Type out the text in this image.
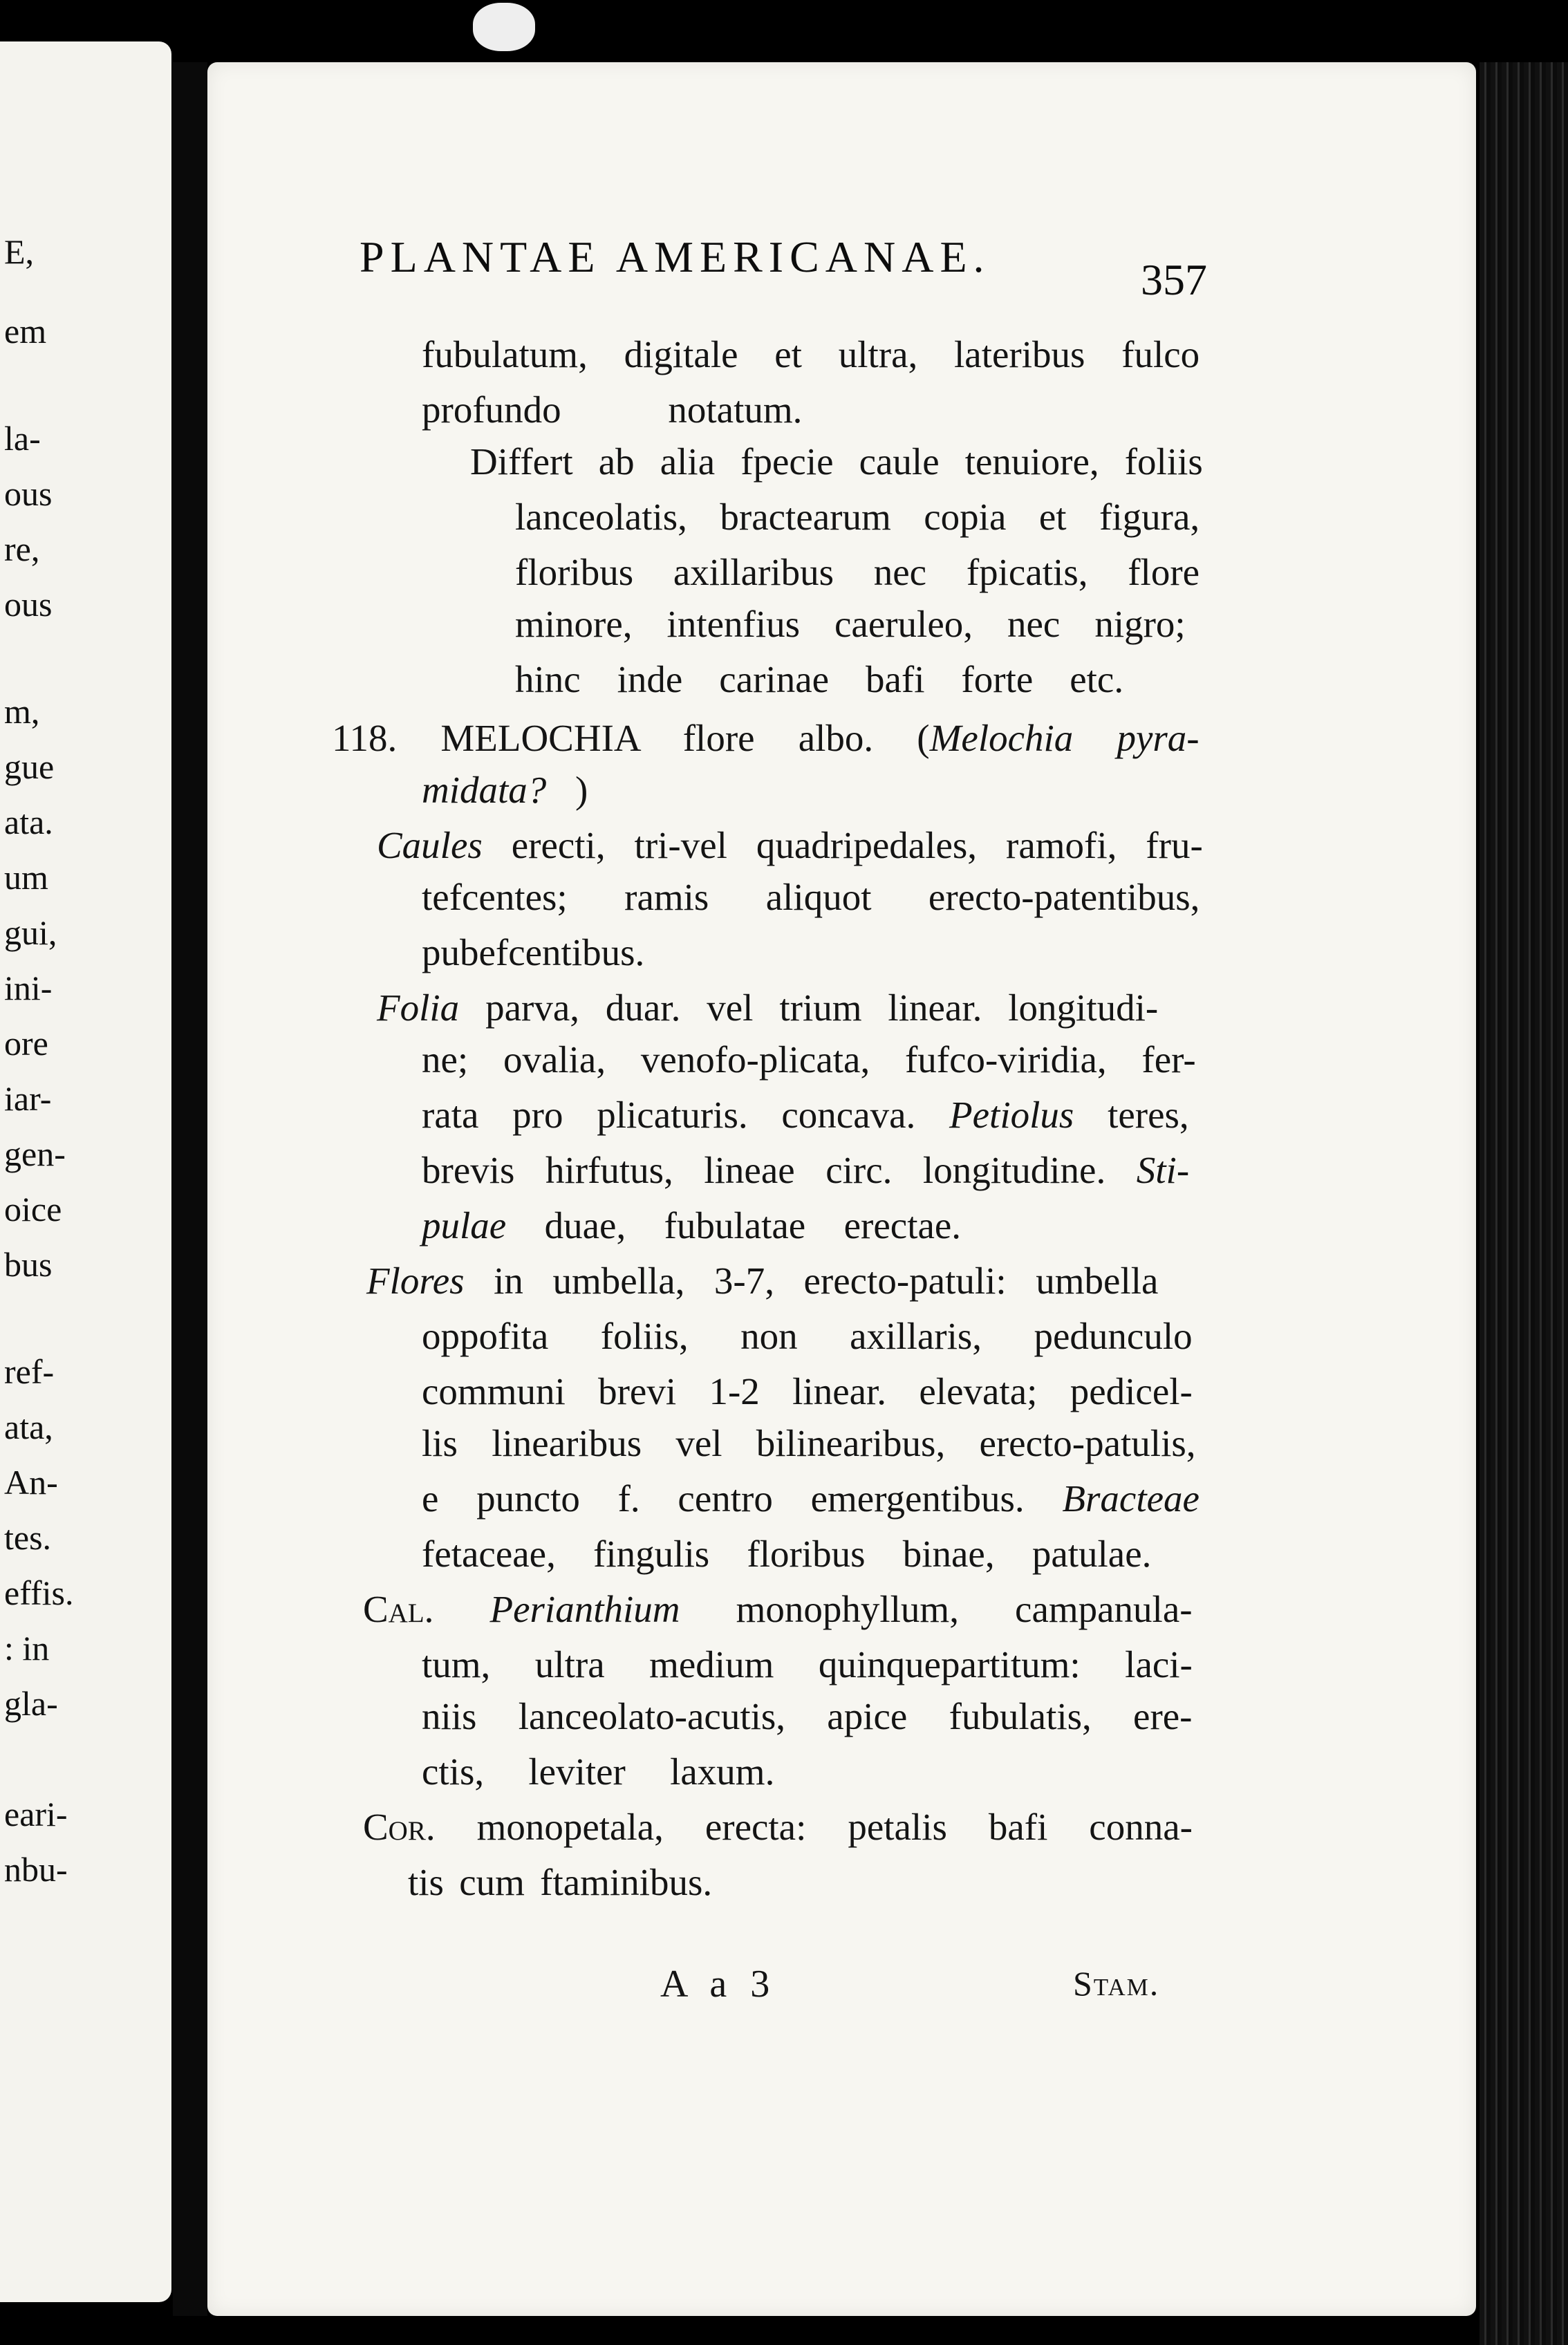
E,
em
la-
ous
re,
ous
m,
gue
ata.
um
gui,
ini-
ore
iar-
gen-
oice
bus
ref-
ata,
An-
tes.
effis.
: in
gla-
eari-
nbu-
PLANTAE AMERICANAE.	357
fubulatum, digitale et ultra, lateribus fulco
profundo notatum.
Differt ab alia fpecie caule tenuiore, foliis
lanceolatis, bractearum copia et figura,
floribus axillaribus nec fpicatis, flore
minore, intenfius caeruleo, nec nigro;
hinc inde carinae bafi forte etc.
118. MELOCHIA flore albo. (Melochia pyra-
midata? )
Caules erecti, tri-vel quadripedales, ramofi, fru-
tefcentes; ramis aliquot erecto-patentibus,
pubefcentibus.
Folia parva, duar. vel trium linear. longitudi-
ne; ovalia, venofo-plicata, fufco-viridia, fer-
rata pro plicaturis. concava. Petiolus teres,
brevis hirfutus, lineae circ. longitudine. Sti-
pulae duae, fubulatae erectae.
Flores in umbella, 3-7, erecto-patuli: umbella
oppofita foliis, non axillaris, pedunculo
communi brevi 1-2 linear. elevata; pedicel-
lis linearibus vel bilinearibus, erecto-patulis,
e puncto f. centro emergentibus. Bracteae
fetaceae, fingulis floribus binae, patulae.
Cal. Perianthium monophyllum, campanula-
tum, ultra medium quinquepartitum: laci-
niis lanceolato-acutis, apice fubulatis, ere-
ctis, leviter laxum.
Cor. monopetala, erecta: petalis bafi conna-
tis cum ftaminibus.
A a 3	Stam.
